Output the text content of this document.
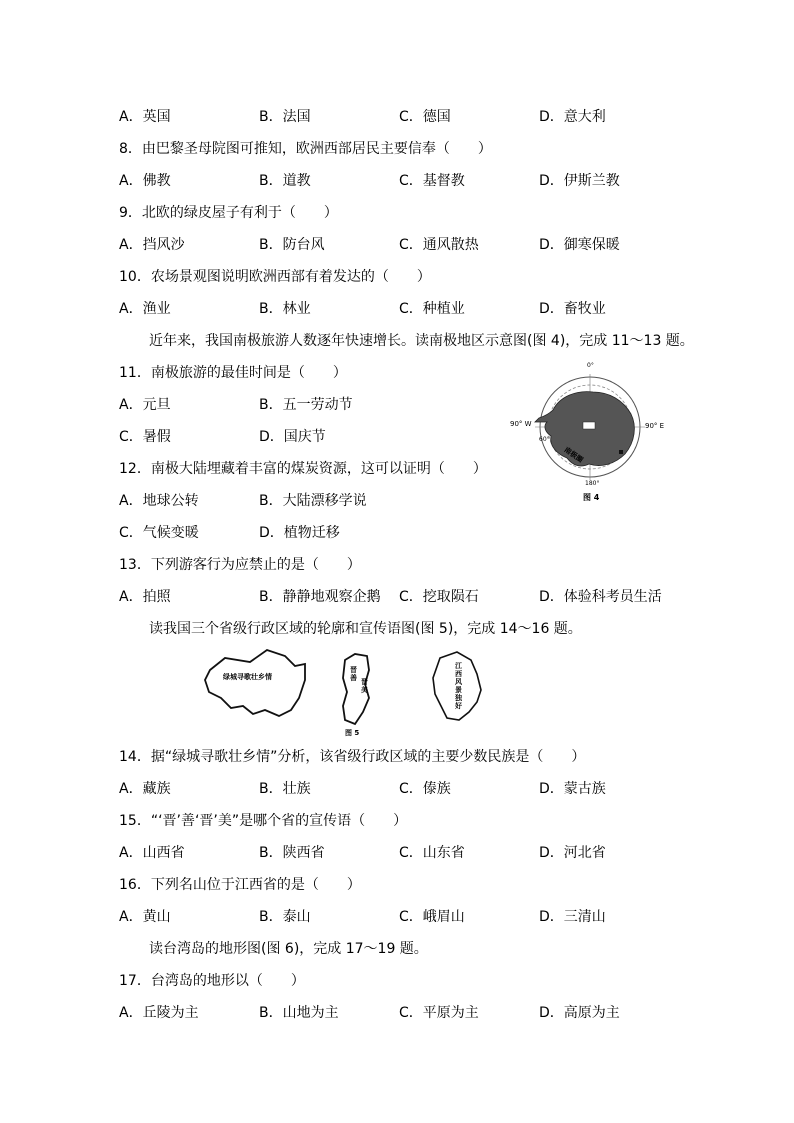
A．英国	B．法国	C．德国	D．意大利
8．由巴黎圣母院图可推知，欧洲西部居民主要信奉（　　）
A．佛教	B．道教	C．基督教	D．伊斯兰教
9．北欧的绿皮屋子有利于（　　）
A．挡风沙	B．防台风	C．通风散热	D．御寒保暖
10．农场景观图说明欧洲西部有着发达的（　　）
A．渔业	B．林业	C．种植业	D．畜牧业
近年来，我国南极旅游人数逐年快速增长。读南极地区示意图(图 4)，完成 11～13 题。
11．南极旅游的最佳时间是（　　）
A．元旦	B．五一劳动节
C．暑假	D．国庆节
12．南极大陆埋藏着丰富的煤炭资源，这可以证明（　　）
A．地球公转	B．大陆漂移学说
C．气候变暖	D．植物迁移
13．下列游客行为应禁止的是（　　）
A．拍照	B．静静地观察企鹅 C．挖取陨石	D．体验科考员生活
0°
90° W	90° E
60°
南极圈
180°
图 4
读我国三个省级行政区域的轮廓和宣传语图(图 5)，完成 14～16 题。
绿城寻歌壮乡情
晋善 晋美
江西风景独好
图 5
14．据“绿城寻歌壮乡情”分析，该省级行政区域的主要少数民族是（　　）
A．藏族	B．壮族	C．傣族	D．蒙古族
15．“‘晋’善‘晋’美”是哪个省的宣传语（　　）
A．山西省	B．陕西省	C．山东省	D．河北省
16．下列名山位于江西省的是（　　）
A．黄山	B．泰山	C．峨眉山	D．三清山
读台湾岛的地形图(图 6)，完成 17～19 题。
17．台湾岛的地形以（　　）
A．丘陵为主	B．山地为主	C．平原为主	D．高原为主
